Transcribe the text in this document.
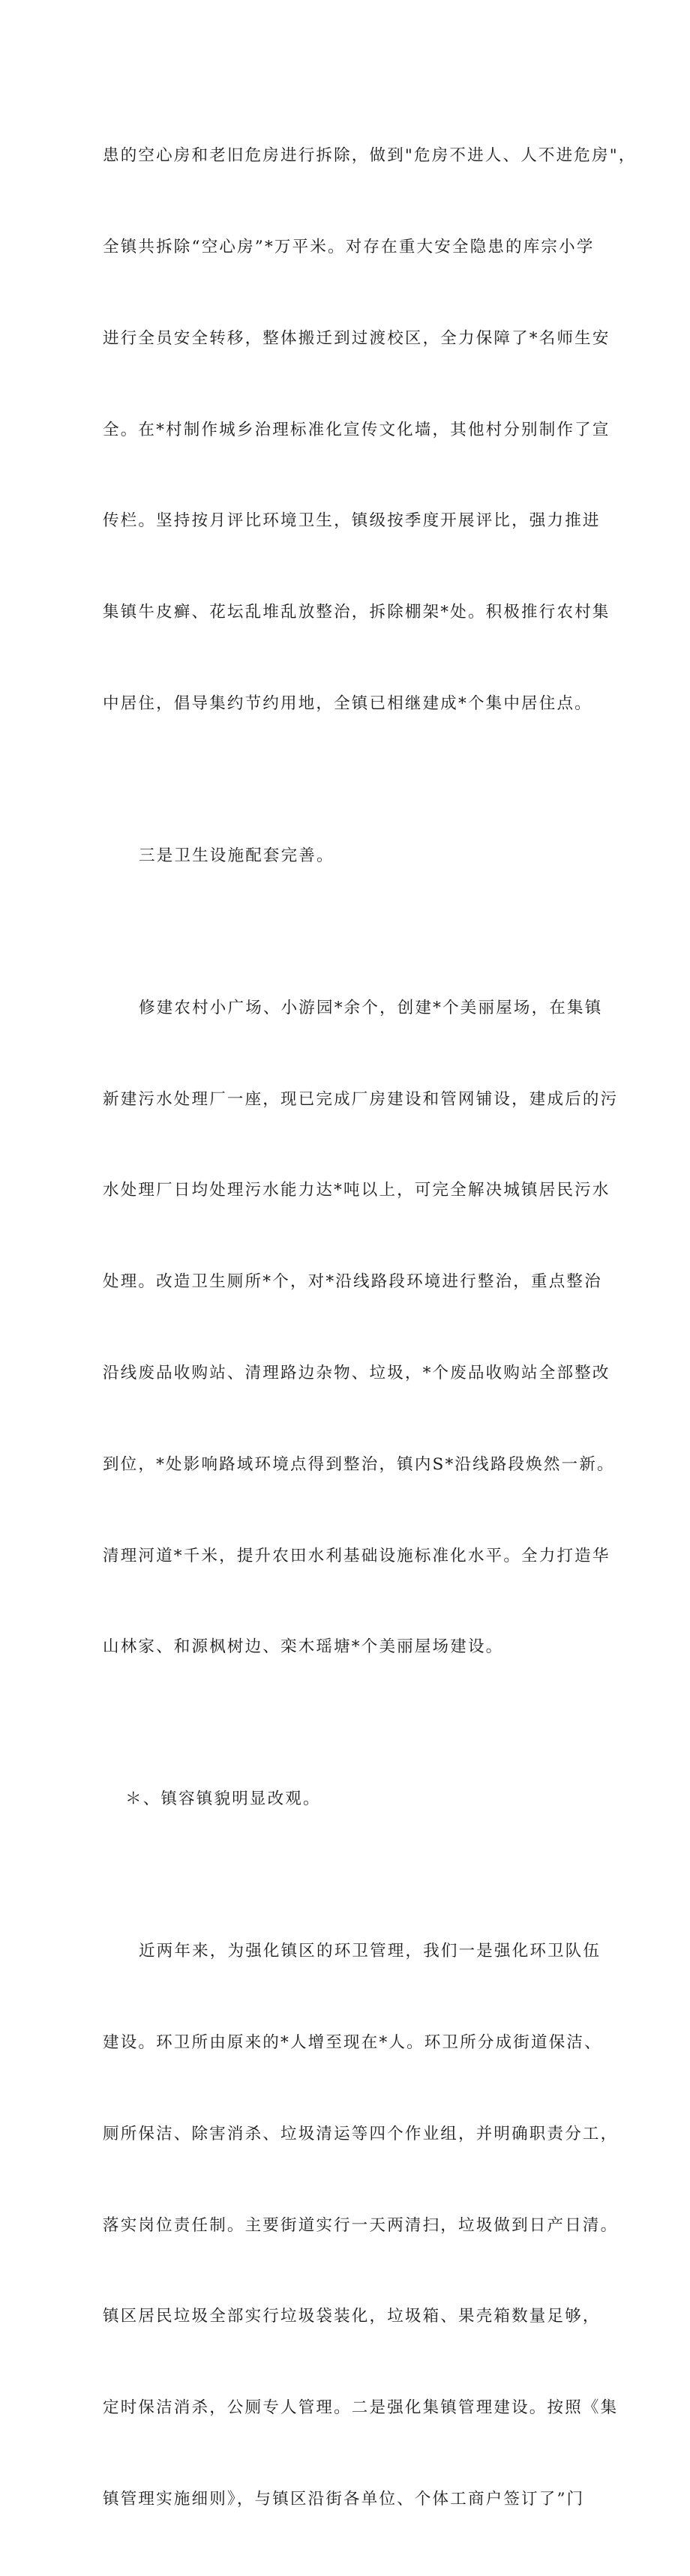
患的空心房和老旧危房进行拆除，做到"危房不进人、人不进危房"，

全镇共拆除“空心房”*万平米。对存在重大安全隐患的库宗小学

进行全员安全转移，整体搬迁到过渡校区，全力保障了*名师生安

全。在*村制作城乡治理标准化宣传文化墙，其他村分别制作了宣

传栏。坚持按月评比环境卫生，镇级按季度开展评比，强力推进

集镇牛皮癣、花坛乱堆乱放整治，拆除棚架*处。积极推行农村集

中居住，倡导集约节约用地，全镇已相继建成*个集中居住点。

三是卫生设施配套完善。

修建农村小广场、小游园*余个，创建*个美丽屋场，在集镇

新建污水处理厂一座，现已完成厂房建设和管网铺设，建成后的污

水处理厂日均处理污水能力达*吨以上，可完全解决城镇居民污水

处理。改造卫生厕所*个，对*沿线路段环境进行整治，重点整治

沿线废品收购站、清理路边杂物、垃圾，*个废品收购站全部整改

到位，*处影响路域环境点得到整治，镇内S*沿线路段焕然一新。

清理河道*千米，提升农田水利基础设施标准化水平。全力打造华

山林家、和源枫树边、栾木瑶塘*个美丽屋场建设。

＊、镇容镇貌明显改观。

近两年来，为强化镇区的环卫管理，我们一是强化环卫队伍

建设。环卫所由原来的*人增至现在*人。环卫所分成街道保洁、

厕所保洁、除害消杀、垃圾清运等四个作业组，并明确职责分工，

落实岗位责任制。主要街道实行一天两清扫，垃圾做到日产日清。

镇区居民垃圾全部实行垃圾袋装化，垃圾箱、果壳箱数量足够，

定时保洁消杀，公厕专人管理。二是强化集镇管理建设。按照《集

镇管理实施细则》，与镇区沿街各单位、个体工商户签订了”门
